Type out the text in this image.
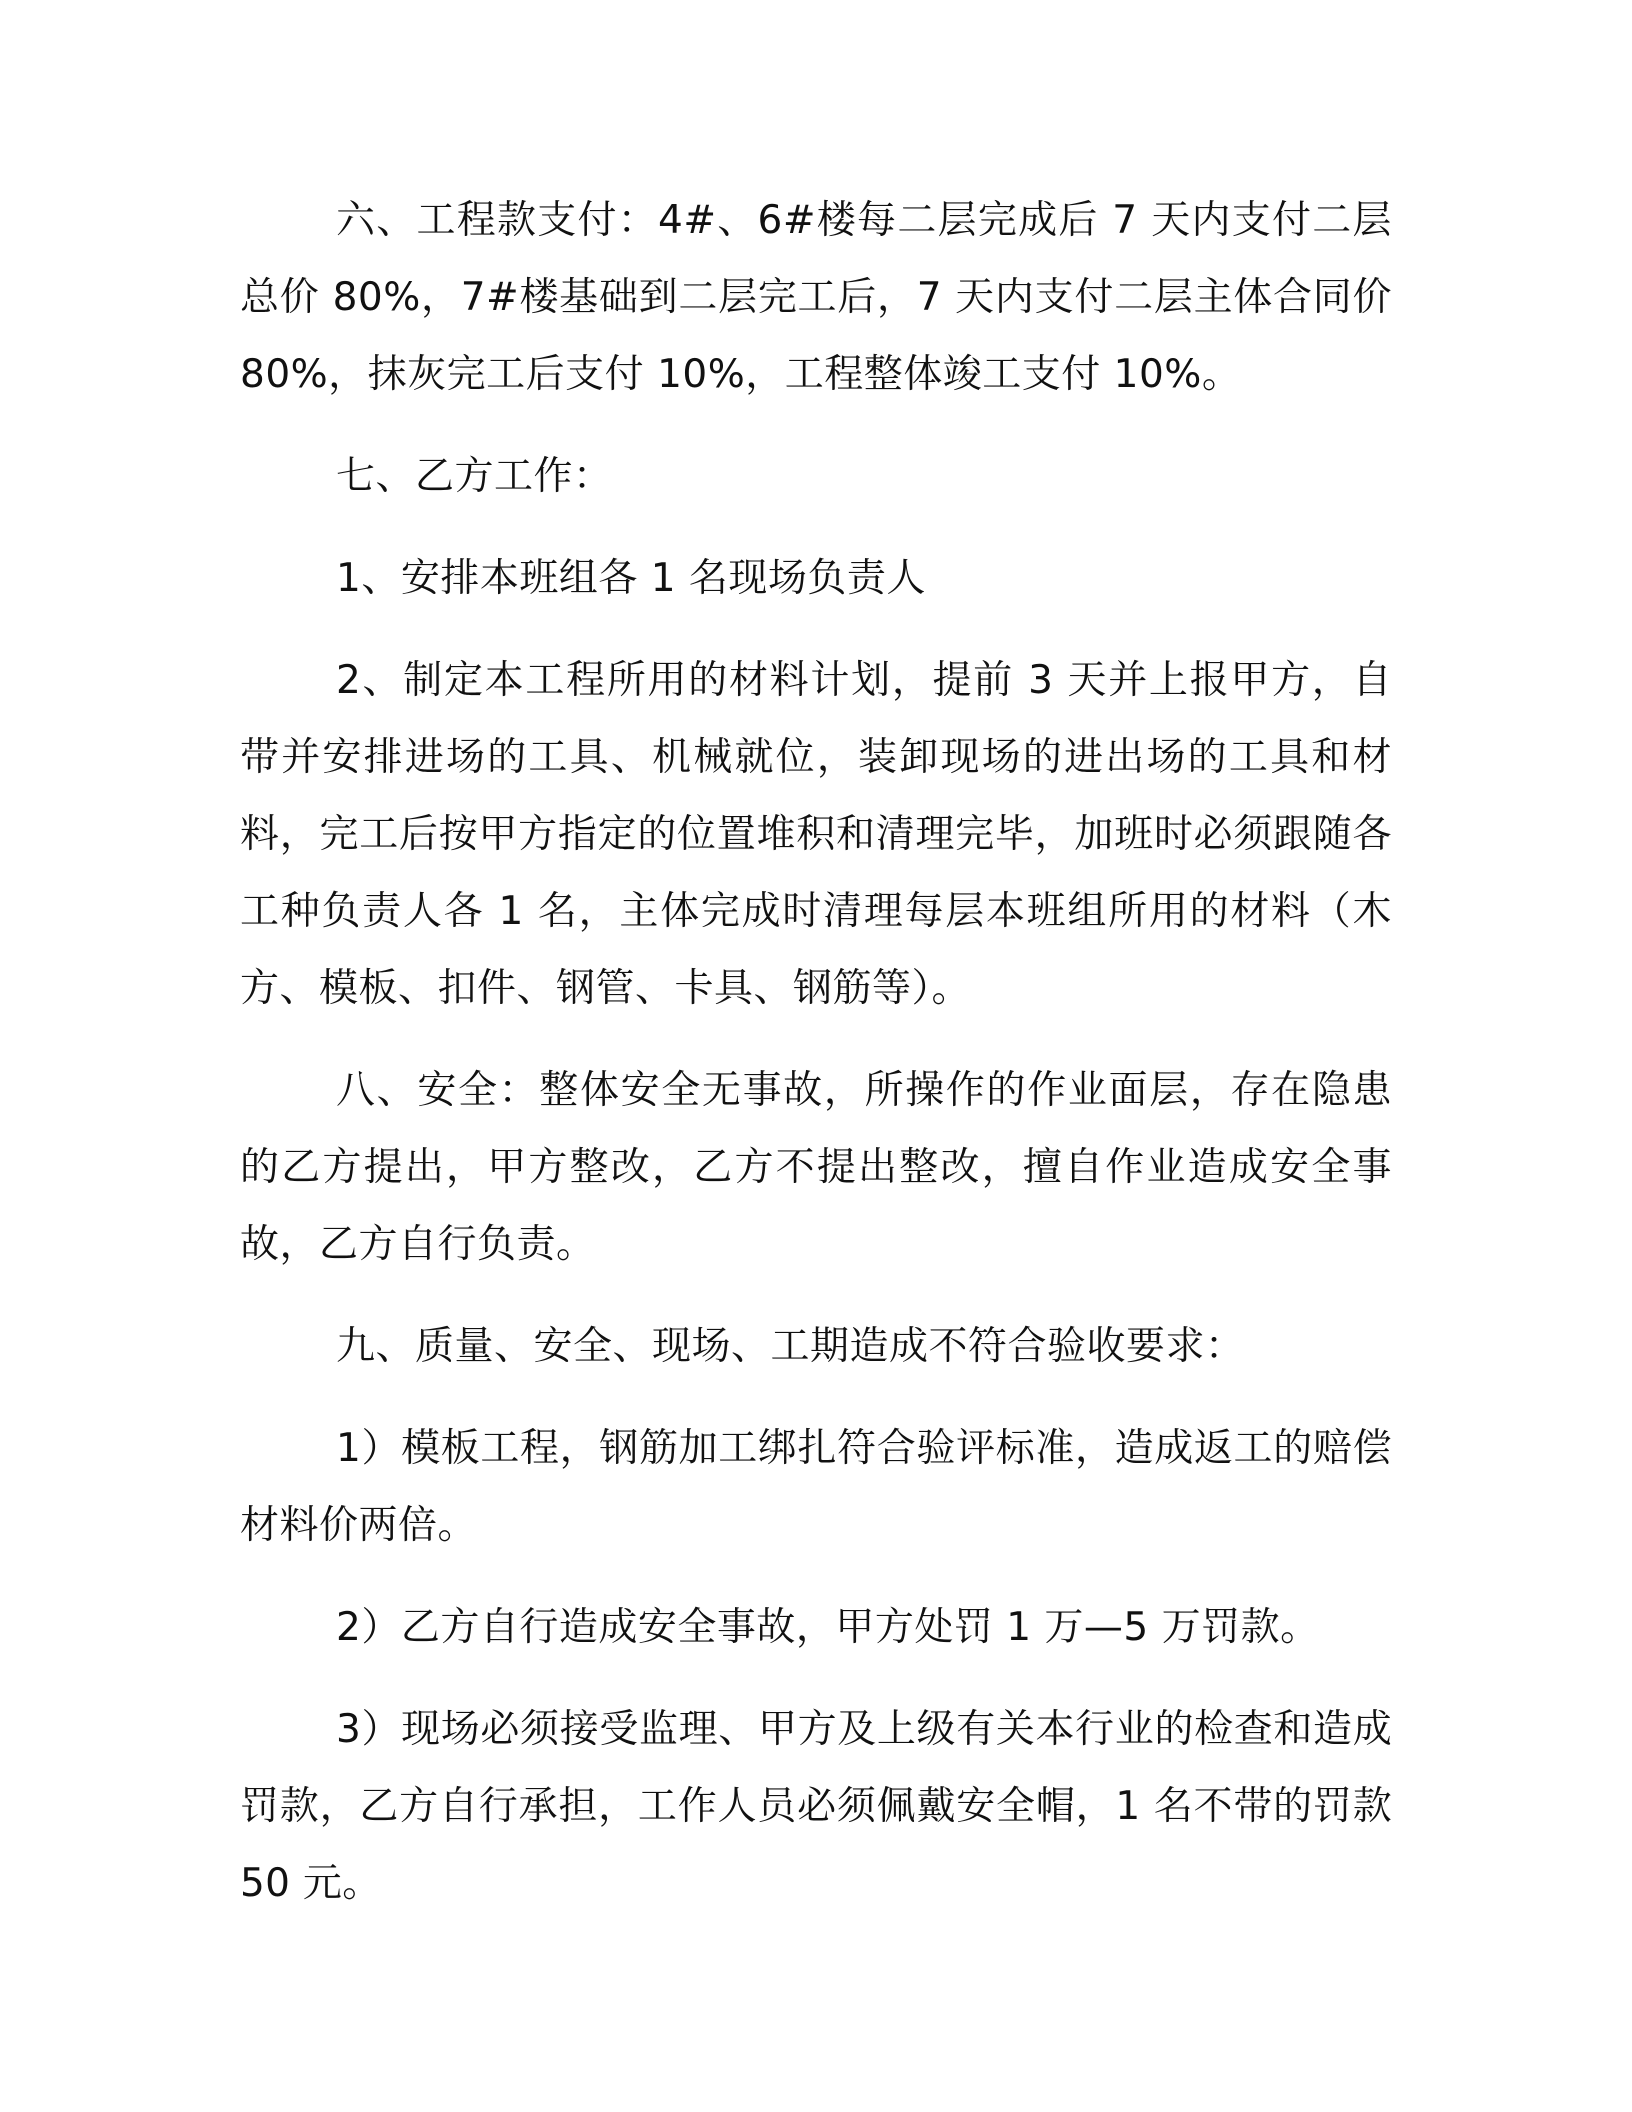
六、工程款支付：4#、6#楼每二层完成后 7 天内支付二层总价 80%，7#楼基础到二层完工后，7 天内支付二层主体合同价 80%，抹灰完工后支付 10%，工程整体竣工支付 10%。

七、乙方工作：

1、安排本班组各 1 名现场负责人

2、制定本工程所用的材料计划，提前 3 天并上报甲方，自带并安排进场的工具、机械就位，装卸现场的进出场的工具和材料，完工后按甲方指定的位置堆积和清理完毕，加班时必须跟随各工种负责人各 1 名，主体完成时清理每层本班组所用的材料（木方、模板、扣件、钢管、卡具、钢筋等）。

八、安全：整体安全无事故，所操作的作业面层，存在隐患的乙方提出，甲方整改，乙方不提出整改，擅自作业造成安全事故，乙方自行负责。

九、质量、安全、现场、工期造成不符合验收要求：

1）模板工程，钢筋加工绑扎符合验评标准，造成返工的赔偿材料价两倍。

2）乙方自行造成安全事故，甲方处罚 1 万—5 万罚款。

3）现场必须接受监理、甲方及上级有关本行业的检查和造成罚款，乙方自行承担，工作人员必须佩戴安全帽，1 名不带的罚款 50 元。
